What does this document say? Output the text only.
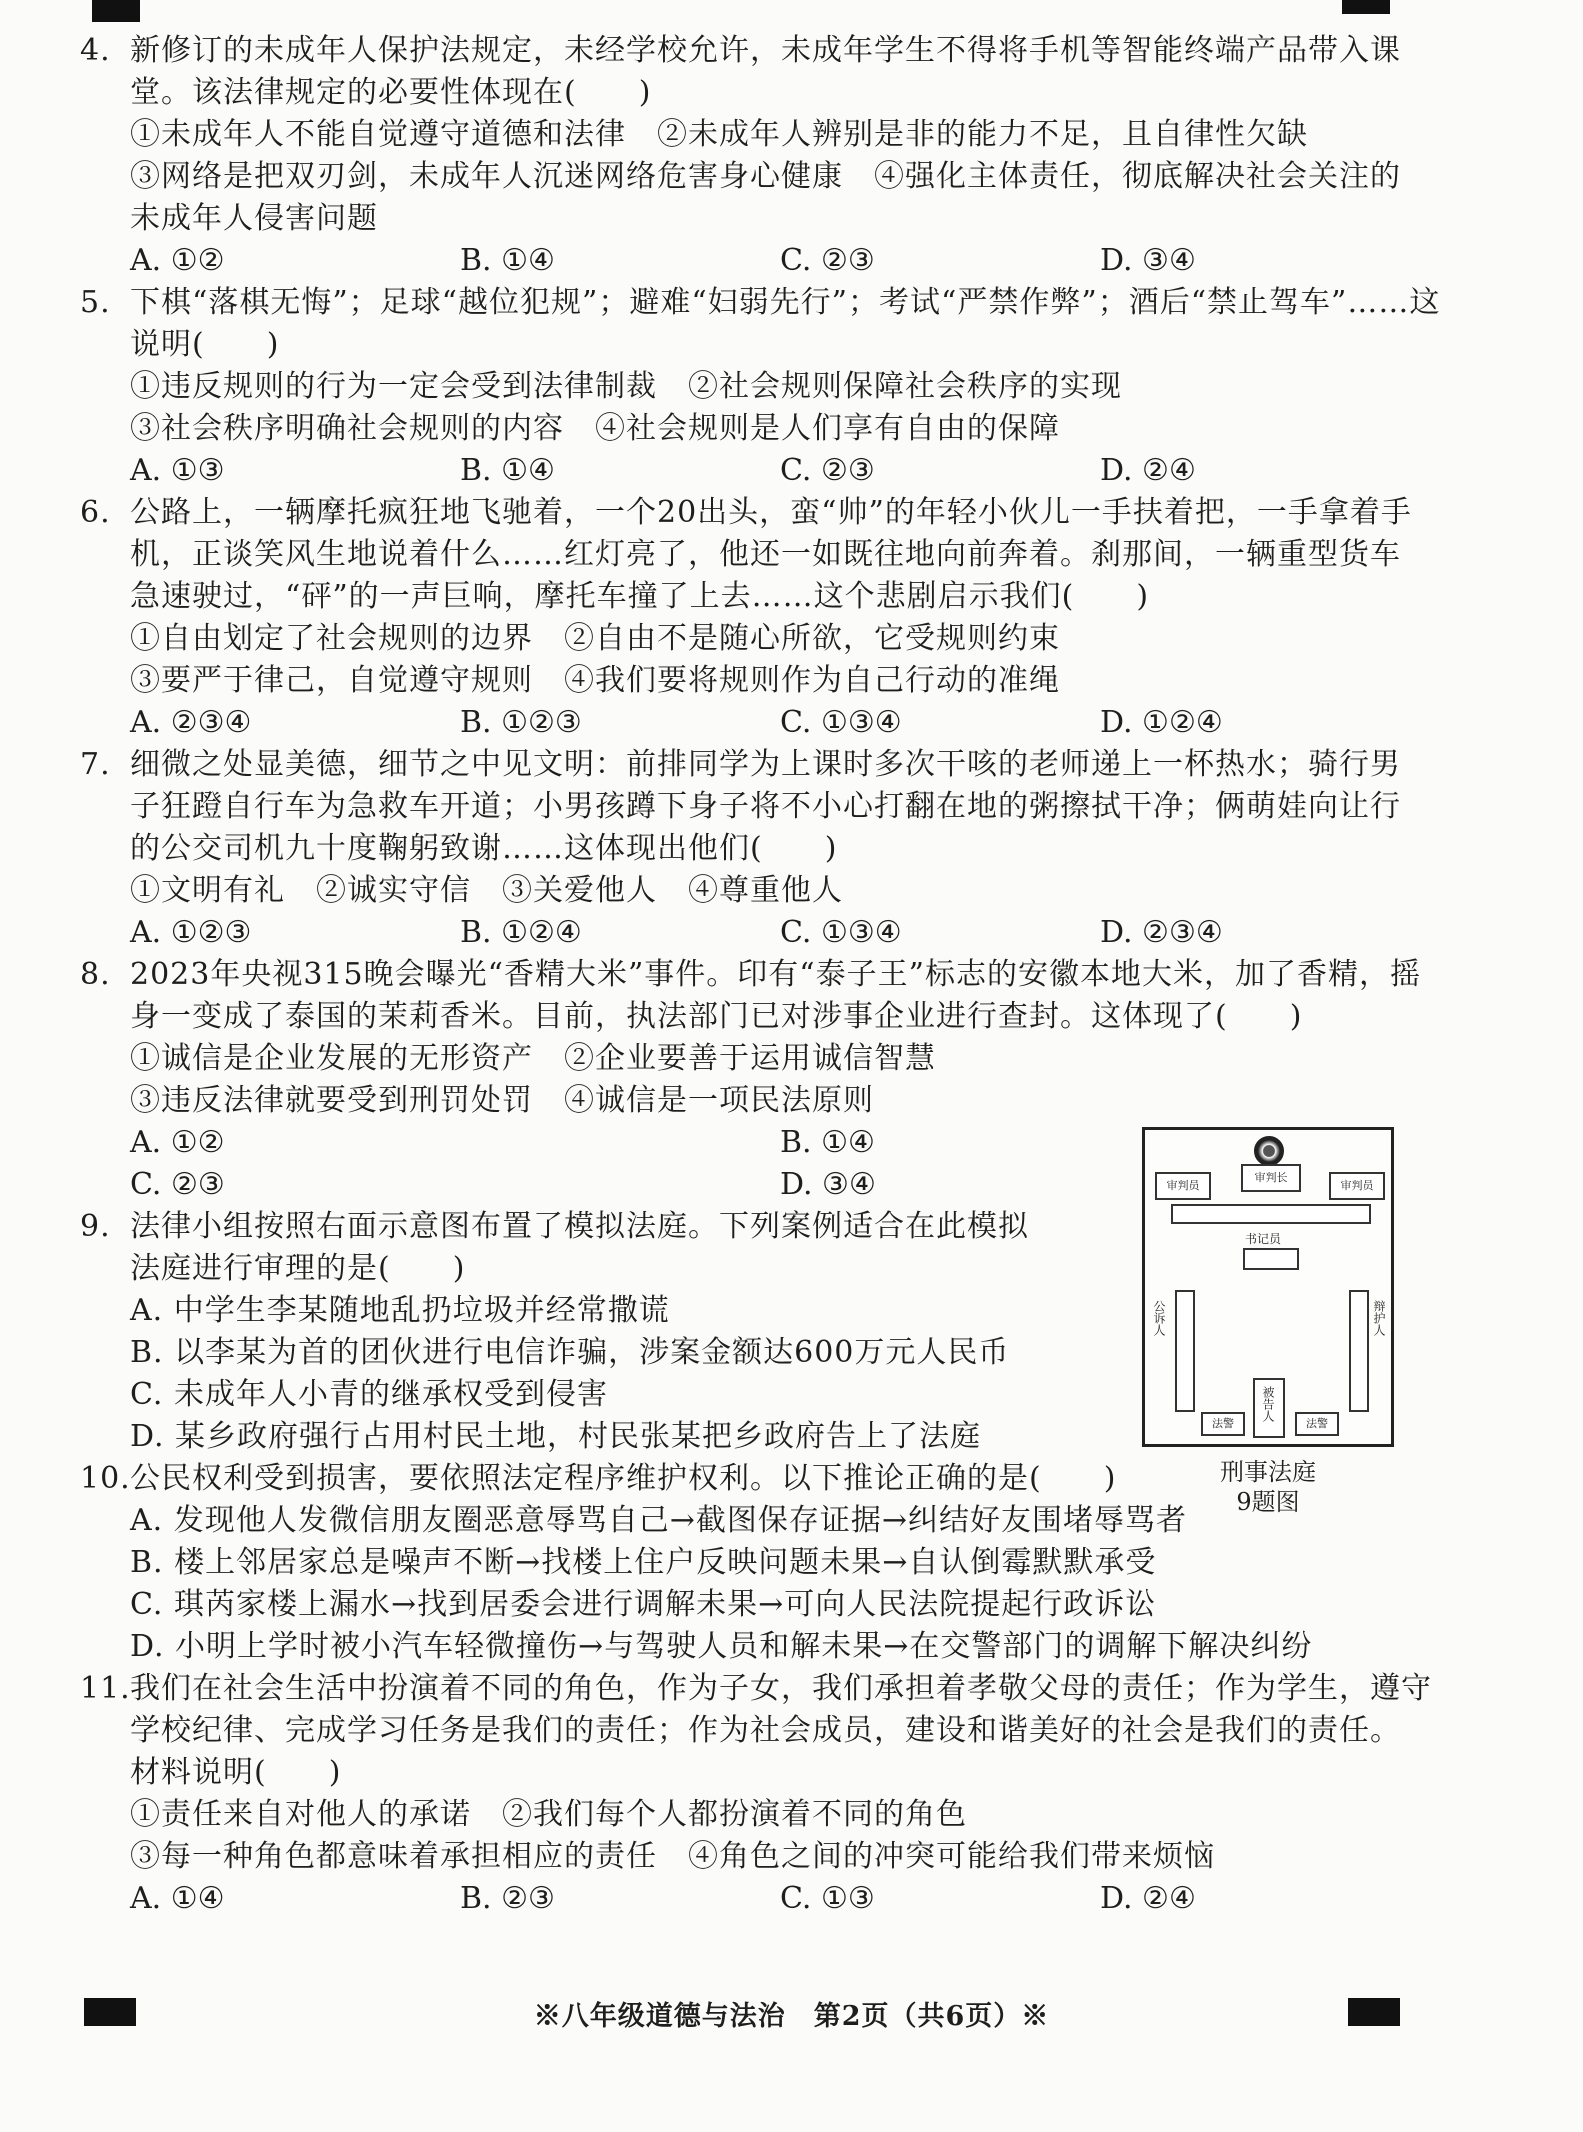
4. 新修订的未成年人保护法规定，未经学校允许，未成年学生不得将手机等智能终端产品带入课
堂。该法律规定的必要性体现在(　　)
①未成年人不能自觉遵守道德和法律　②未成年人辨别是非的能力不足，且自律性欠缺
③网络是把双刃剑，未成年人沉迷网络危害身心健康　④强化主体责任，彻底解决社会关注的
未成年人侵害问题
A. ①②	B. ①④	C. ②③	D. ③④
5. 下棋“落棋无悔”；足球“越位犯规”；避难“妇弱先行”；考试“严禁作弊”；酒后“禁止驾车”……这
说明(　　)
①违反规则的行为一定会受到法律制裁　②社会规则保障社会秩序的实现
③社会秩序明确社会规则的内容　④社会规则是人们享有自由的保障
A. ①③	B. ①④	C. ②③	D. ②④
6. 公路上，一辆摩托疯狂地飞驰着，一个20出头，蛮“帅”的年轻小伙儿一手扶着把，一手拿着手
机，正谈笑风生地说着什么……红灯亮了，他还一如既往地向前奔着。刹那间，一辆重型货车
急速驶过，“砰”的一声巨响，摩托车撞了上去……这个悲剧启示我们(　　)
①自由划定了社会规则的边界　②自由不是随心所欲，它受规则约束
③要严于律己，自觉遵守规则　④我们要将规则作为自己行动的准绳
A. ②③④	B. ①②③	C. ①③④	D. ①②④
7. 细微之处显美德，细节之中见文明：前排同学为上课时多次干咳的老师递上一杯热水；骑行男
子狂蹬自行车为急救车开道；小男孩蹲下身子将不小心打翻在地的粥擦拭干净；俩萌娃向让行
的公交司机九十度鞠躬致谢……这体现出他们(　　)
①文明有礼　②诚实守信　③关爱他人　④尊重他人
A. ①②③	B. ①②④	C. ①③④	D. ②③④
8. 2023年央视315晚会曝光“香精大米”事件。印有“泰子王”标志的安徽本地大米，加了香精，摇
身一变成了泰国的茉莉香米。目前，执法部门已对涉事企业进行查封。这体现了(　　)
①诚信是企业发展的无形资产　②企业要善于运用诚信智慧
③违反法律就要受到刑罚处罚　④诚信是一项民法原则
A. ①②	B. ①④
C. ②③	D. ③④
9. 法律小组按照右面示意图布置了模拟法庭。下列案例适合在此模拟
法庭进行审理的是(　　)
A. 中学生李某随地乱扔垃圾并经常撒谎
B. 以李某为首的团伙进行电信诈骗，涉案金额达600万元人民币
C. 未成年人小青的继承权受到侵害
D. 某乡政府强行占用村民土地，村民张某把乡政府告上了法庭
10.公民权利受到损害，要依照法定程序维护权利。以下推论正确的是(　　)
A. 发现他人发微信朋友圈恶意辱骂自己→截图保存证据→纠结好友围堵辱骂者
B. 楼上邻居家总是噪声不断→找楼上住户反映问题未果→自认倒霉默默承受
C. 琪芮家楼上漏水→找到居委会进行调解未果→可向人民法院提起行政诉讼
D. 小明上学时被小汽车轻微撞伤→与驾驶人员和解未果→在交警部门的调解下解决纠纷
11.我们在社会生活中扮演着不同的角色，作为子女，我们承担着孝敬父母的责任；作为学生，遵守
学校纪律、完成学习任务是我们的责任；作为社会成员，建设和谐美好的社会是我们的责任。
材料说明(　　)
①责任来自对他人的承诺　②我们每个人都扮演着不同的角色
③每一种角色都意味着承担相应的责任　④角色之间的冲突可能给我们带来烦恼
A. ①④	B. ②③	C. ①③	D. ②④
审判员
审判长
审判员
书记员
公诉人	辩护人
法警
被告人
法警
刑事法庭
9题图
※八年级道德与法治　第2页（共6页）※
